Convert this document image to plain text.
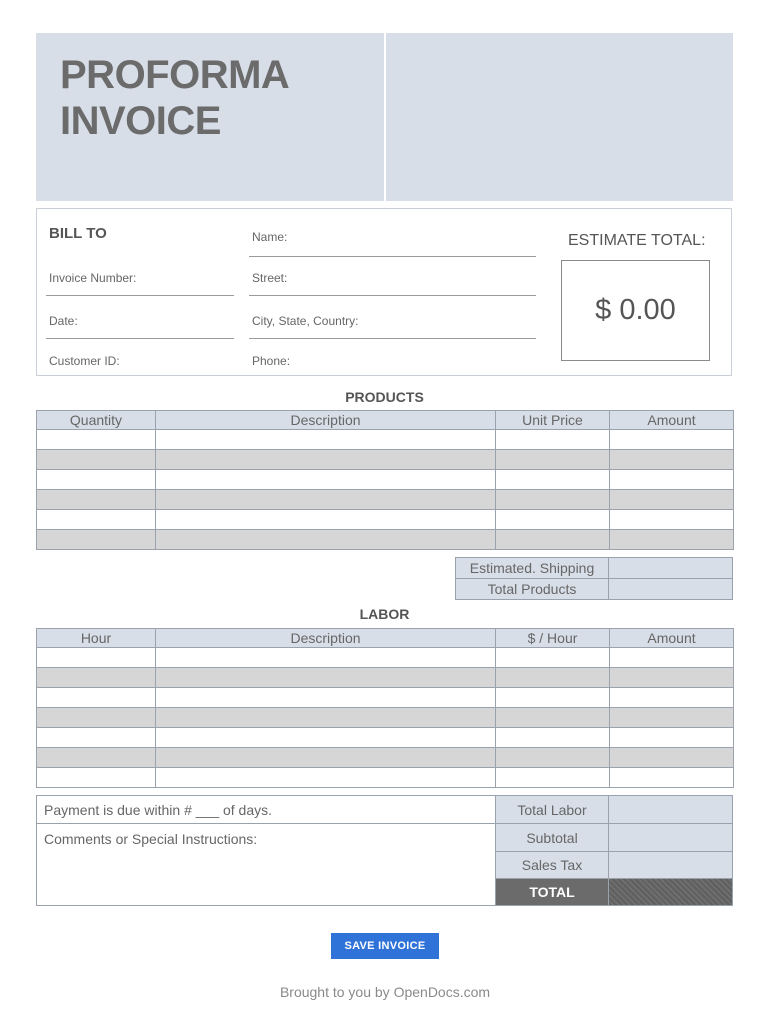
PROFORMA
INVOICE
BILL TO
Invoice Number:
Date:
Customer ID:
Name:
Street:
City, State, Country:
Phone:
ESTIMATE TOTAL:
$ 0.00
PRODUCTS
Quantity	Description	Unit Price	Amount

Estimated. Shipping
Total Products
LABOR
Hour	Description	$ / Hour	Amount

Payment is due within # ___ of days.
Comments or Special Instructions:
Total Labor
Subtotal
Sales Tax
TOTAL
SAVE INVOICE
Brought to you by OpenDocs.com
